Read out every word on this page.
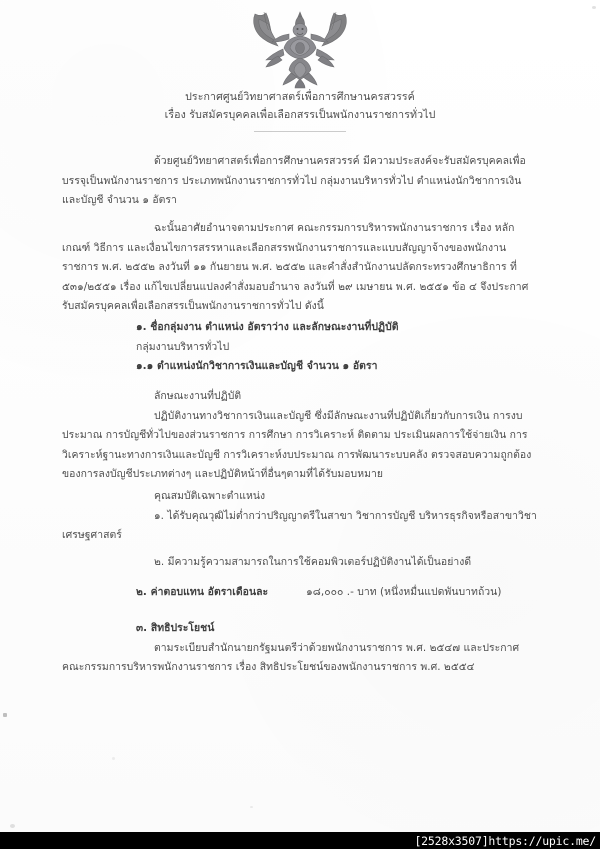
ประกาศศูนย์วิทยาศาสตร์เพื่อการศึกษานครสวรรค์
เรื่อง รับสมัครบุคคลเพื่อเลือกสรรเป็นพนักงานราชการทั่วไป
ด้วยศูนย์วิทยาศาสตร์เพื่อการศึกษานครสวรรค์ มีความประสงค์จะรับสมัครบุคคลเพื่อบรรจุเป็นพนักงานราชการ ประเภทพนักงานราชการทั่วไป กลุ่มงานบริหารทั่วไป ตำแหน่งนักวิชาการเงินและบัญชี จำนวน ๑ อัตรา
ฉะนั้นอาศัยอำนาจตามประกาศ คณะกรรมการบริหารพนักงานราชการ เรื่อง หลักเกณฑ์ วิธีการ และเงื่อนไขการสรรหาและเลือกสรรพนักงานราชการและแบบสัญญาจ้างของพนักงานราชการ พ.ศ. ๒๕๕๒ ลงวันที่ ๑๑ กันยายน พ.ศ. ๒๕๕๒ และคำสั่งสำนักงานปลัดกระทรวงศึกษาธิการ ที่ ๕๓๑/๒๕๕๑ เรื่อง แก้ไขเปลี่ยนแปลงคำสั่งมอบอำนาจ ลงวันที่ ๒๙ เมษายน พ.ศ. ๒๕๕๑ ข้อ ๔ จึงประกาศรับสมัครบุคคลเพื่อเลือกสรรเป็นพนักงานราชการทั่วไป ดังนี้
๑. ชื่อกลุ่มงาน ตำแหน่ง อัตราว่าง และลักษณะงานที่ปฏิบัติ
กลุ่มงานบริหารทั่วไป
๑.๑ ตำแหน่งนักวิชาการเงินและบัญชี จำนวน ๑ อัตรา
ลักษณะงานที่ปฏิบัติ
ปฏิบัติงานทางวิชาการเงินและบัญชี ซึ่งมีลักษณะงานที่ปฏิบัติเกี่ยวกับการเงิน การงบประมาณ การบัญชีทั่วไปของส่วนราชการ การศึกษา การวิเคราะห์ ติดตาม ประเมินผลการใช้จ่ายเงิน การวิเคราะห์ฐานะทางการเงินและบัญชี การวิเคราะห์งบประมาณ การพัฒนาระบบคลัง ตรวจสอบความถูกต้องของการลงบัญชีประเภทต่างๆ และปฏิบัติหน้าที่อื่นๆตามที่ได้รับมอบหมาย
คุณสมบัติเฉพาะตำแหน่ง
๑. ได้รับคุณวุฒิไม่ต่ำกว่าปริญญาตรีในสาขา วิชาการบัญชี บริหารธุรกิจหรือสาขาวิชาเศรษฐศาสตร์
๒. มีความรู้ความสามารถในการใช้คอมพิวเตอร์ปฏิบัติงานได้เป็นอย่างดี
๒. ค่าตอบแทน อัตราเดือนละ	๑๘,๐๐๐ .- บาท (หนึ่งหมื่นแปดพันบาทถ้วน)
๓. สิทธิประโยชน์
ตามระเบียบสำนักนายกรัฐมนตรีว่าด้วยพนักงานราชการ พ.ศ. ๒๕๔๗ และประกาศคณะกรรมการบริหารพนักงานราชการ เรื่อง สิทธิประโยชน์ของพนักงานราชการ พ.ศ. ๒๕๕๔
[2528x3507]https://upic.me/
